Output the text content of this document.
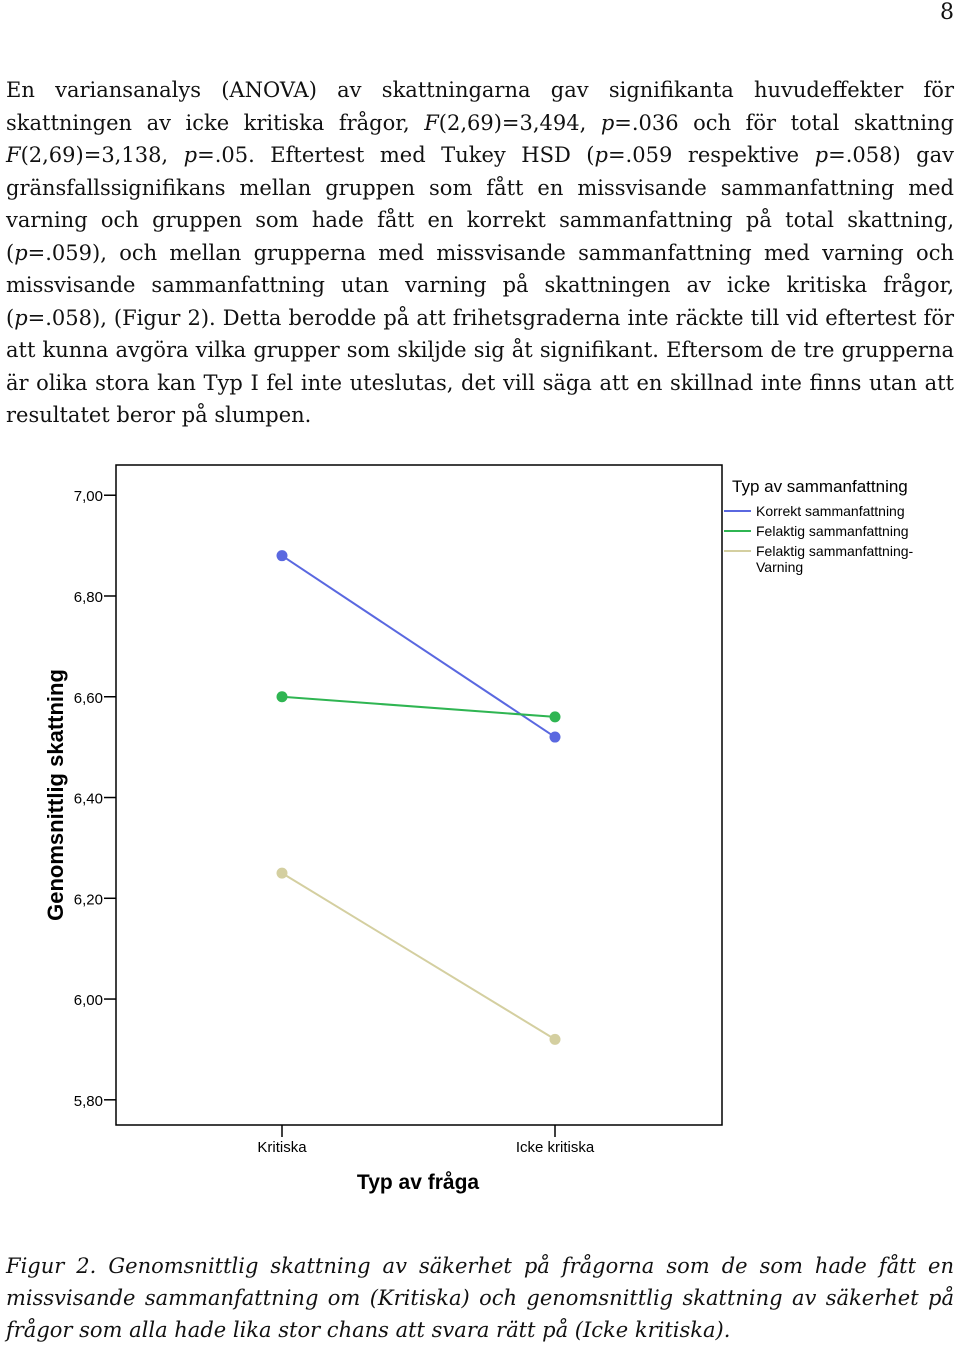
8

En variansanalys (ANOVA) av skattningarna gav signifikanta huvudeffekter för skattningen av icke kritiska frågor, F(2,69)=3,494, p=.036 och för total skattning F(2,69)=3,138, p=.05. Eftertest med Tukey HSD (p=.059 respektive p=.058) gav gränsfallssignifikans mellan gruppen som fått en missvisande sammanfattning med varning och gruppen som hade fått en korrekt sammanfattning på total skattning, (p=.059), och mellan grupperna med missvisande sammanfattning med varning och missvisande sammanfattning utan varning på skattningen av icke kritiska frågor, (p=.058), (Figur 2). Detta berodde på att frihetsgraderna inte räckte till vid eftertest för att kunna avgöra vilka grupper som skiljde sig åt signifikant. Eftersom de tre grupperna är olika stora kan Typ I fel inte uteslutas, det vill säga att en skillnad inte finns utan att resultatet beror på slumpen.

5,80
6,00
6,20
6,40
6,60
6,80
7,00
Kritiska	Icke kritiska
Genomsnittlig skattning
Typ av fråga
Typ av sammanfattning
Korrekt sammanfattning
Felaktig sammanfattning
Felaktig sammanfattning-Varning

Figur 2. Genomsnittlig skattning av säkerhet på frågorna som de som hade fått en missvisande sammanfattning om (Kritiska) och genomsnittlig skattning av säkerhet på frågor som alla hade lika stor chans att svara rätt på (Icke kritiska).
